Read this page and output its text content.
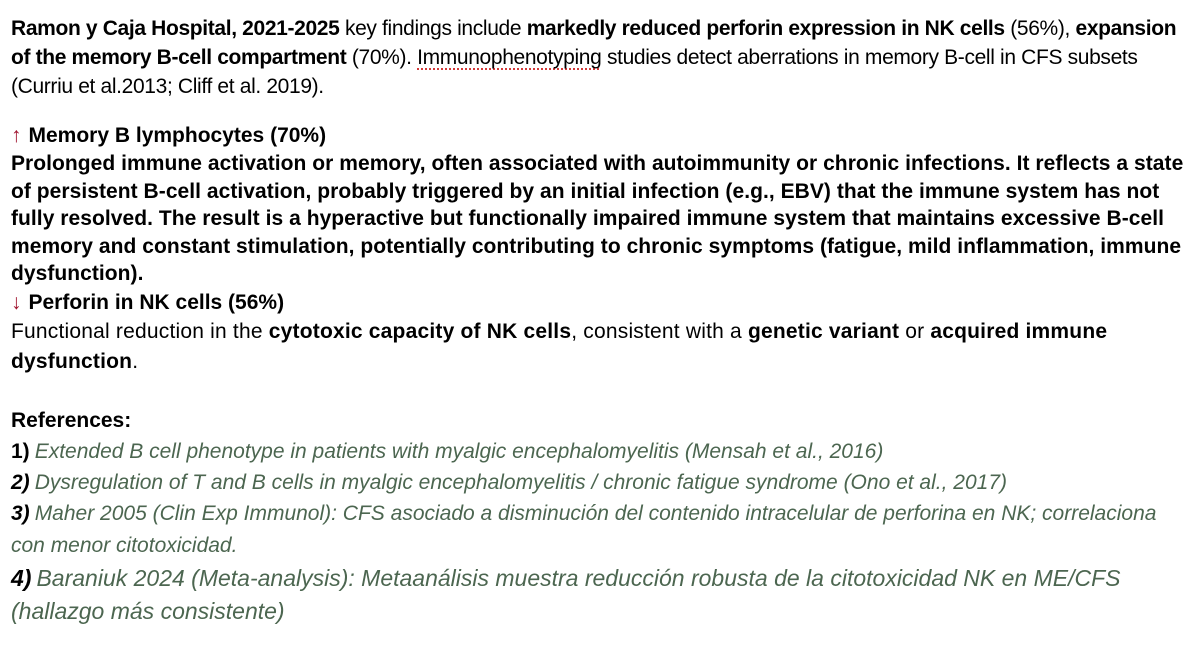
Ramon y Caja Hospital, 2021-2025 key findings include markedly reduced perforin expression in NK cells (56%), expansion of the memory B-cell compartment (70%). Immunophenotyping studies detect aberrations in memory B-cell in CFS subsets (Curriu et al.2013; Cliff et al. 2019).

↑ Memory B lymphocytes (70%)

Prolonged immune activation or memory, often associated with autoimmunity or chronic infections. It reflects a state of persistent B-cell activation, probably triggered by an initial infection (e.g., EBV) that the immune system has not fully resolved. The result is a hyperactive but functionally impaired immune system that maintains excessive B-cell memory and constant stimulation, potentially contributing to chronic symptoms (fatigue, mild inflammation, immune dysfunction).

↓ Perforin in NK cells (56%)

Functional reduction in the cytotoxic capacity of NK cells, consistent with a genetic variant or acquired immune dysfunction.

References:

1) Extended B cell phenotype in patients with myalgic encephalomyelitis (Mensah et al., 2016)

2) Dysregulation of T and B cells in myalgic encephalomyelitis / chronic fatigue syndrome (Ono et al., 2017)

3) Maher 2005 (Clin Exp Immunol): CFS asociado a disminución del contenido intracelular de perforina en NK; correlaciona con menor citotoxicidad.

4) Baraniuk 2024 (Meta-analysis): Metaanálisis muestra reducción robusta de la citotoxicidad NK en ME/CFS (hallazgo más consistente)
